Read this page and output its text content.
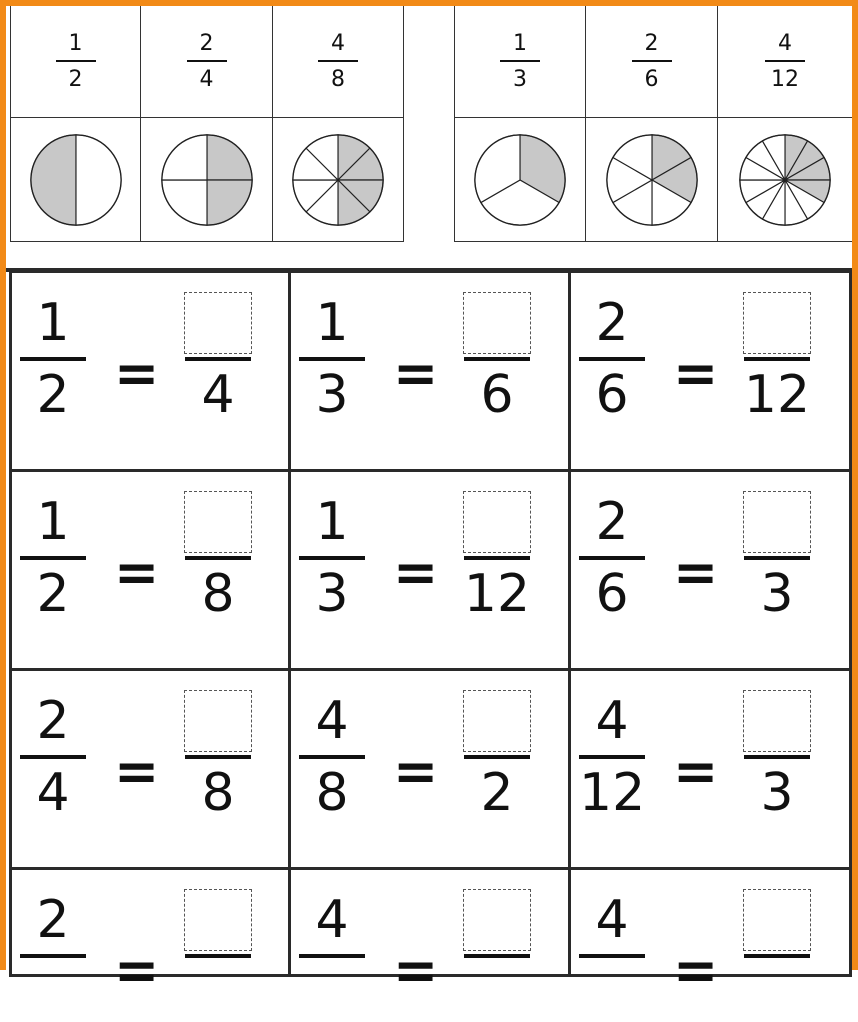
$\frac{1}{2}$	$\frac{2}{4}$	$\frac{4}{8}$	$\frac{1}{3}$	$\frac{2}{6}$	$\frac{4}{12}$
1
2 = 4
1
3 = 6
2
6 = 12
1
2 = 8
1
3 = 12
2
6 = 3
2
4 = 8
4
8 = 2
4
12 = 3
2
=
4
=
4
=
